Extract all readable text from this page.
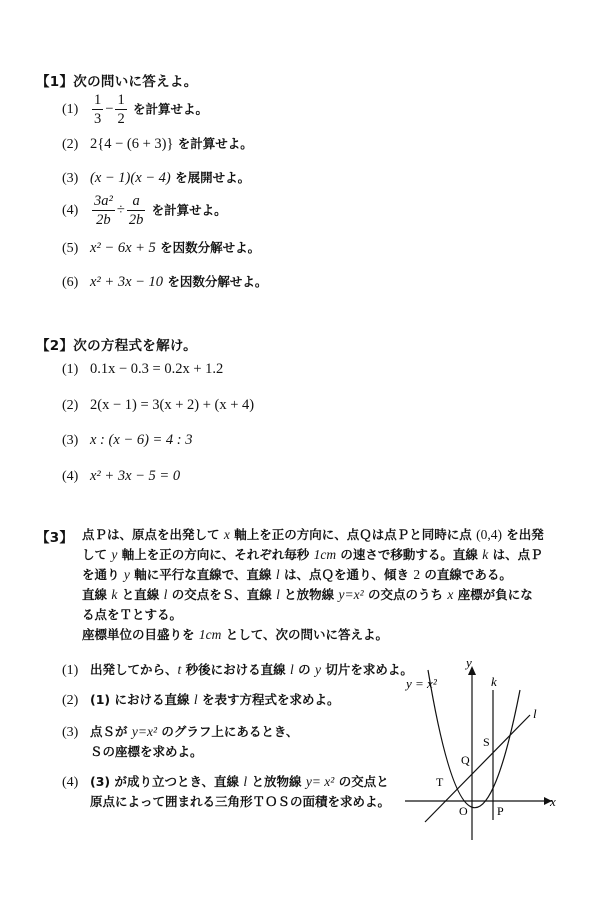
【1】次の問いに答えよ。
$(1) \frac{1}{3} - \frac{1}{2}$ を計算せよ。
(2) 2{4 − (6 + 3)} を計算せよ。
(3) (x − 1)(x − 4) を展開せよ。
$(4) \frac{\text{3a²}}{2b} \div \frac{a}{2b}$ を計算せよ。
(5) x² − 6x + 5 を因数分解せよ。
(6) x² + 3x − 10 を因数分解せよ。
【2】次の方程式を解け。
(1) 0.1x − 0.3 = 0.2x + 1.2
(2) 2(x − 1) = 3(x + 2) + (x + 4)
(3) x : (x − 6) = 4 : 3
(4) x² + 3x − 5 = 0
【3】 点Ｐは、原点を出発して x 軸上を正の方向に、点Ｑは点Ｐと同時に点 (0,4) を出発
して y 軸上を正の方向に、それぞれ毎秒 1cm の速さで移動する。直線 k は、点Ｐ
を通り y 軸に平行な直線で、直線 l は、点Ｑを通り、傾き 2 の直線である。
直線 k と直線 l の交点をＳ、直線 l と放物線 y=x² の交点のうち x 座標が負にな
る点をＴとする。
座標単位の目盛りを 1cm として、次の問いに答えよ。
(1) 出発してから、t 秒後における直線 l の y 切片を求めよ。
(2) (1) における直線 l を表す方程式を求めよ。
(3) 点Ｓが y=x² のグラフ上にあるとき、
Ｓの座標を求めよ。
(4) (3) が成り立つとき、直線 l と放物線 y= x² の交点と
原点によって囲まれる三角形ＴＯＳの面積を求めよ。
y = x²
y
x
k
l
S
Q
T
O P
